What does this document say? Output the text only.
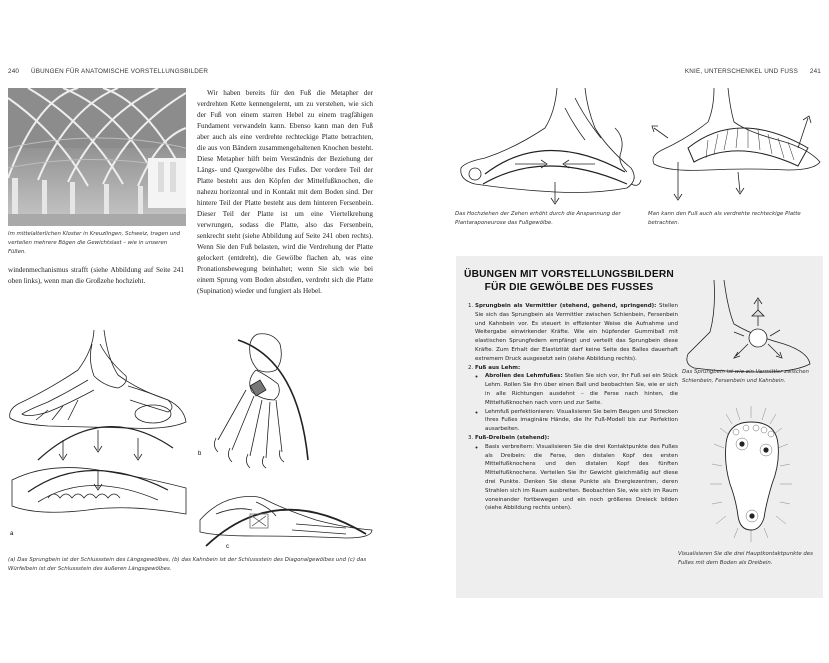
240 ÜBUNGEN FÜR ANATOMISCHE VORSTELLUNGSBILDER
Im mittelalterlichen Kloster in Kreuzlingen, Schweiz, tragen und verteilen mehrere Bögen die Gewichtslast – wie in unseren Füßen.
windenmechanismus strafft (siehe Abbildung auf Seite 241 oben links), wenn man die Großzehe hochzieht.

Wir haben bereits für den Fuß die Metapher der verdrehten Kette kennengelernt, um zu verstehen, wie sich der Fuß von einem starren Hebel zu einem tragfähigen Fundament verwandeln kann. Ebenso kann man den Fuß aber auch als eine verdrehte rechteckige Platte betrachten, die aus von Bändern zusammengehaltenen Knochen besteht. Diese Metapher hilft beim Verständnis der Beziehung der Längs- und Quergewölbe des Fußes. Der vordere Teil der Platte besteht aus den Köpfen der Mittelfußknochen, die nahezu horizontal und in Kontakt mit dem Boden sind. Der hintere Teil der Platte besteht aus dem hinteren Fersenbein. Dieser Teil der Platte ist um eine Viertelkrehung verwrungen, sodass die Platte, also das Fersenbein, senkrecht steht (siehe Abbildung auf Seite 241 oben rechts). Wenn Sie den Fuß belasten, wird die Verdrehung der Platte gelockert (entdreht), die Gewölbe flachen ab, was eine Pronationsbewegung beinhaltet; wenn Sie sich wie bei einem Sprung vom Boden abstoßen, verdreht sich die Platte (Supination) wieder und fungiert als Hebel.

a
b
c
(a) Das Sprungbein ist der Schlussstein des Längsgewölbes, (b) das Kahnbein ist der Schlussstein des Diagonalgewölbes und (c) das Würfelbein ist der Schlussstein des äußeren Längsgewölbes.
KNIE, UNTERSCHENKEL UND FUSS 241
Das Hochziehen der Zehen erhöht durch die Anspannung der Plantaraponeurose das Fußgewölbe.
Man kann den Fuß auch als verdrehte rechteckige Platte betrachten.
ÜBUNGEN MIT VORSTELLUNGSBILDERN
FÜR DIE GEWÖLBE DES FUSSES
1. Sprungbein als Vermittler (stehend, gehend, springend): Stellen Sie sich das Sprungbein als Vermittler zwischen Schienbein, Fersenbein und Kahnbein vor. Es steuert in effizienter Weise die Aufnahme und Weitergabe einwirkender Kräfte. Wie ein hüpfender Gummiball mit elastischen Sprungfedern empfängt und verteilt das Sprungbein diese Kräfte. Zum Erhalt der Elastizität darf keine Seite des Balles dauerhaft extremem Druck ausgesetzt sein (siehe Abbildung rechts).
2. Fuß aus Lehm:
◦ Abrollen des Lehmfußes: Stellen Sie sich vor, Ihr Fuß sei ein Stück Lehm. Rollen Sie ihn über einen Ball und beobachten Sie, wie er sich in alle Richtungen ausdehnt – die Ferse nach hinten, die Mittelfußknochen nach vorn und zur Seite.
◦ Lehmfuß perfektionieren: Visualisieren Sie beim Beugen und Strecken Ihres Fußes imaginäre Hände, die Ihr Fuß-Modell bis zur Perfektion ausarbeiten.
3. Fuß-Dreibein (stehend):
◦ Basis verbreitern: Visualisieren Sie die drei Kontaktpunkte des Fußes als Dreibein: die Ferse, den distalen Kopf des ersten Mittelfußknochens und den distalen Kopf des fünften Mittelfußknochens. Verteilen Sie Ihr Gewicht gleichmäßig auf diese drei Punkte. Denken Sie diese Punkte als Energiezentren, deren Strahlen sich im Raum ausbreiten. Beobachten Sie, wie sich im Raum voneinander fortbewegen und ein noch größeres Dreieck bilden (siehe Abbildung rechts unten).
Das Sprungbein ist wie ein Vermittler zwischen Schienbein, Fersenbein und Kahnbein.
Visualisieren Sie die drei Hauptkontaktpunkte des Fußes mit dem Boden als Dreibein.
